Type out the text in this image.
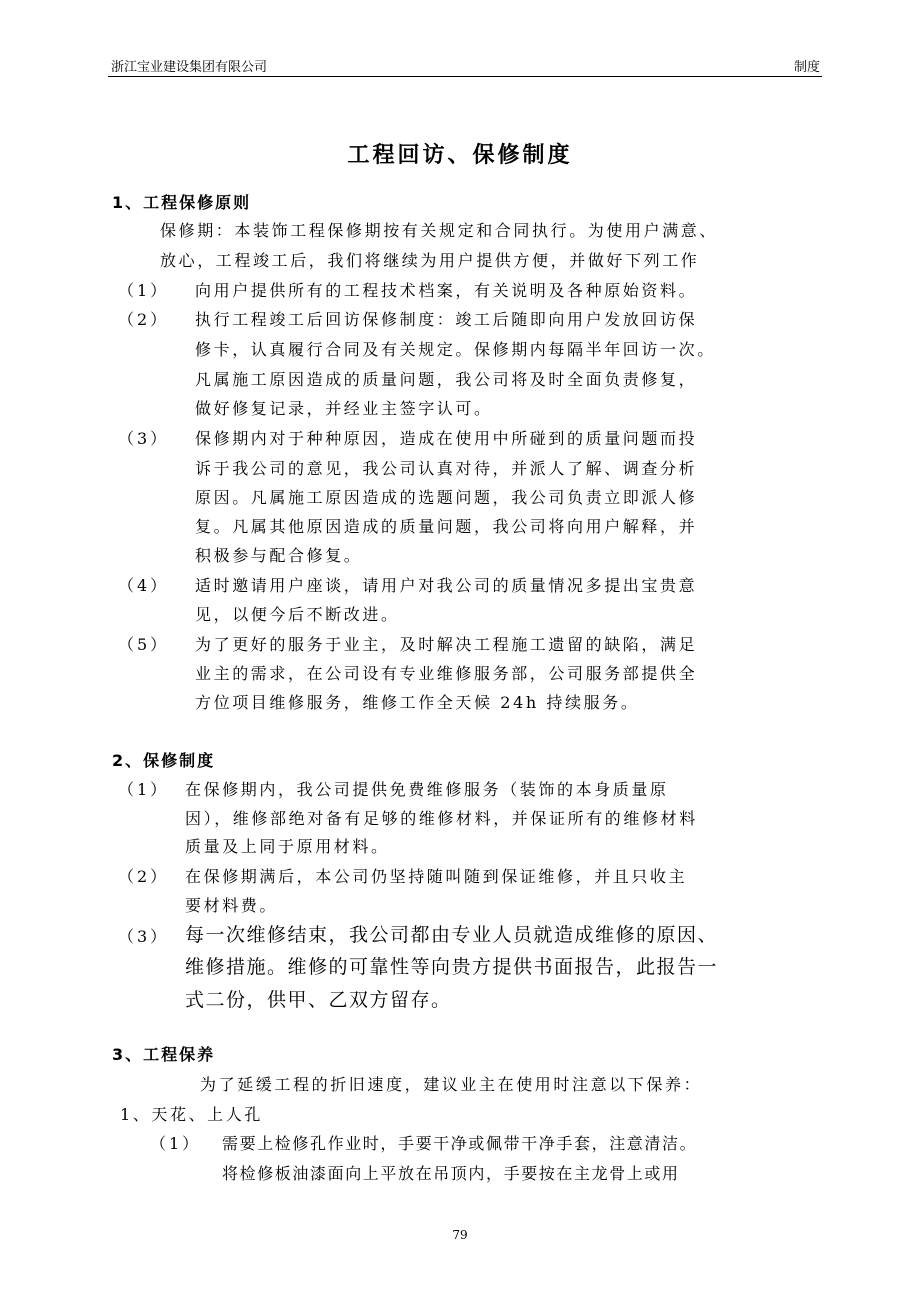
浙江宝业建设集团有限公司	制度
工程回访、保修制度
1、工程保修原则
保修期：本装饰工程保修期按有关规定和合同执行。为使用户满意、
放心，工程竣工后，我们将继续为用户提供方便，并做好下列工作
（1） 向用户提供所有的工程技术档案，有关说明及各种原始资料。
（2） 执行工程竣工后回访保修制度：竣工后随即向用户发放回访保
修卡，认真履行合同及有关规定。保修期内每隔半年回访一次。
凡属施工原因造成的质量问题，我公司将及时全面负责修复，
做好修复记录，并经业主签字认可。
（3） 保修期内对于种种原因，造成在使用中所碰到的质量问题而投
诉于我公司的意见，我公司认真对待，并派人了解、调查分析
原因。凡属施工原因造成的选题问题，我公司负责立即派人修
复。凡属其他原因造成的质量问题，我公司将向用户解释，并
积极参与配合修复。
（4） 适时邀请用户座谈，请用户对我公司的质量情况多提出宝贵意
见，以便今后不断改进。
（5） 为了更好的服务于业主，及时解决工程施工遗留的缺陷，满足
业主的需求，在公司设有专业维修服务部，公司服务部提供全
方位项目维修服务，维修工作全天候 24h 持续服务。
2、保修制度
（1） 在保修期内，我公司提供免费维修服务（装饰的本身质量原
因），维修部绝对备有足够的维修材料，并保证所有的维修材料
质量及上同于原用材料。
（2） 在保修期满后，本公司仍坚持随叫随到保证维修，并且只收主
要材料费。
（3） 每一次维修结束，我公司都由专业人员就造成维修的原因、
维修措施。维修的可靠性等向贵方提供书面报告，此报告一
式二份，供甲、乙双方留存。
3、工程保养
为了延缓工程的折旧速度，建议业主在使用时注意以下保养：
1、天花、上人孔
（1） 需要上检修孔作业时，手要干净或佩带干净手套，注意清洁。
将检修板油漆面向上平放在吊顶内，手要按在主龙骨上或用
79
